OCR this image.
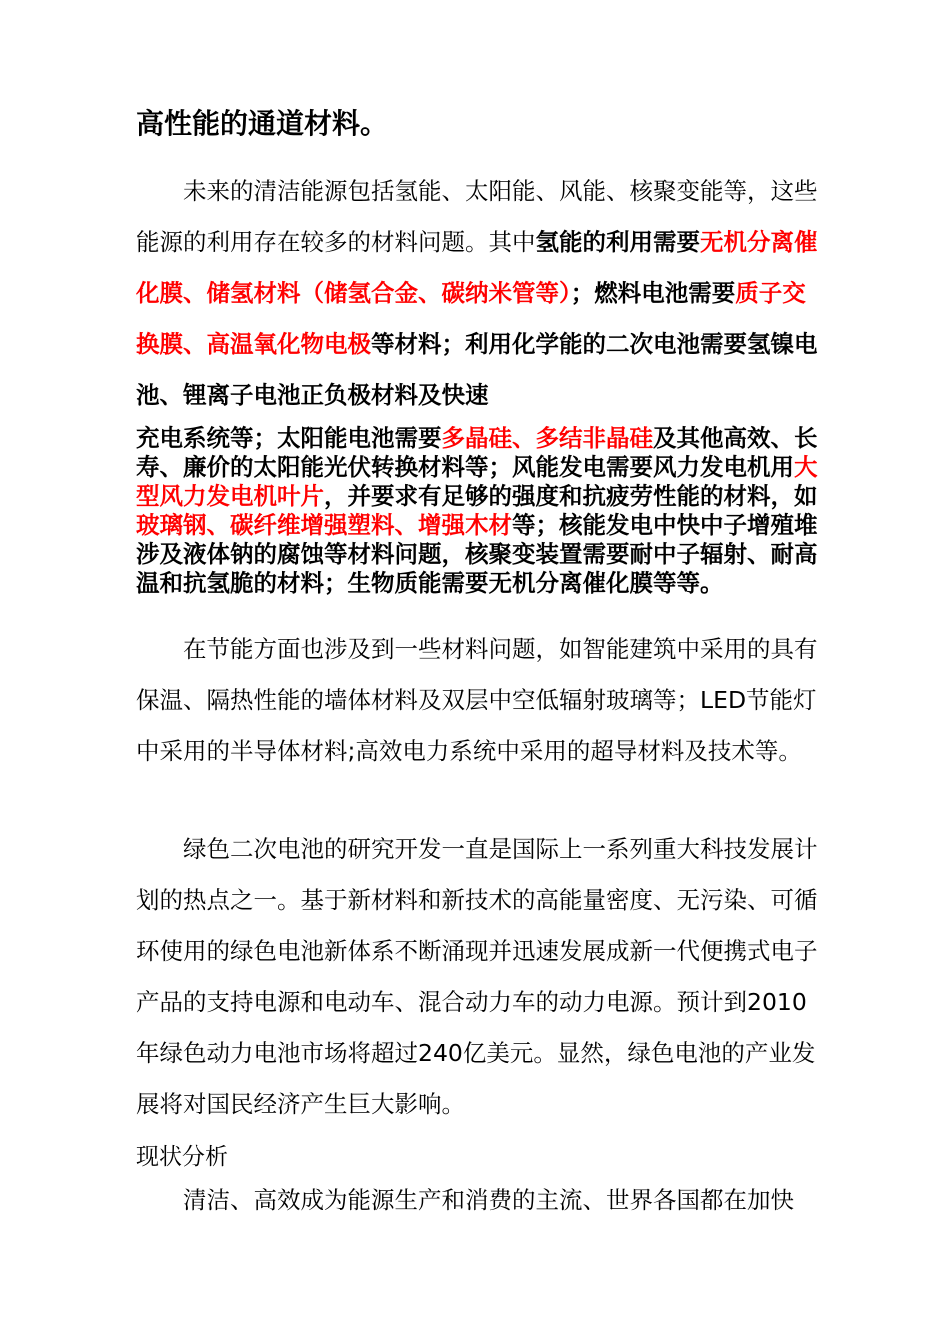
高性能的通道材料。

未来的清洁能源包括氢能、太阳能、风能、核聚变能等，这些能源的利用存在较多的材料问题。其中氢能的利用需要无机分离催化膜、储氢材料（储氢合金、碳纳米管等）；燃料电池需要质子交换膜、高温氧化物电极等材料；利用化学能的二次电池需要氢镍电池、锂离子电池正负极材料及快速

充电系统等；太阳能电池需要多晶硅、多结非晶硅及其他高效、长寿、廉价的太阳能光伏转换材料等；风能发电需要风力发电机用大型风力发电机叶片，并要求有足够的强度和抗疲劳性能的材料，如玻璃钢、碳纤维增强塑料、增强木材等；核能发电中快中子增殖堆涉及液体钠的腐蚀等材料问题，核聚变装置需要耐中子辐射、耐高温和抗氢脆的材料；生物质能需要无机分离催化膜等等。

在节能方面也涉及到一些材料问题，如智能建筑中采用的具有保温、隔热性能的墙体材料及双层中空低辐射玻璃等；LED节能灯中采用的半导体材料;高效电力系统中采用的超导材料及技术等。

绿色二次电池的研究开发一直是国际上一系列重大科技发展计划的热点之一。基于新材料和新技术的高能量密度、无污染、可循环使用的绿色电池新体系不断涌现并迅速发展成新一代便携式电子产品的支持电源和电动车、混合动力车的动力电源。预计到2010年绿色动力电池市场将超过240亿美元。显然，绿色电池的产业发展将对国民经济产生巨大影响。

现状分析

清洁、高效成为能源生产和消费的主流、世界各国都在加快
